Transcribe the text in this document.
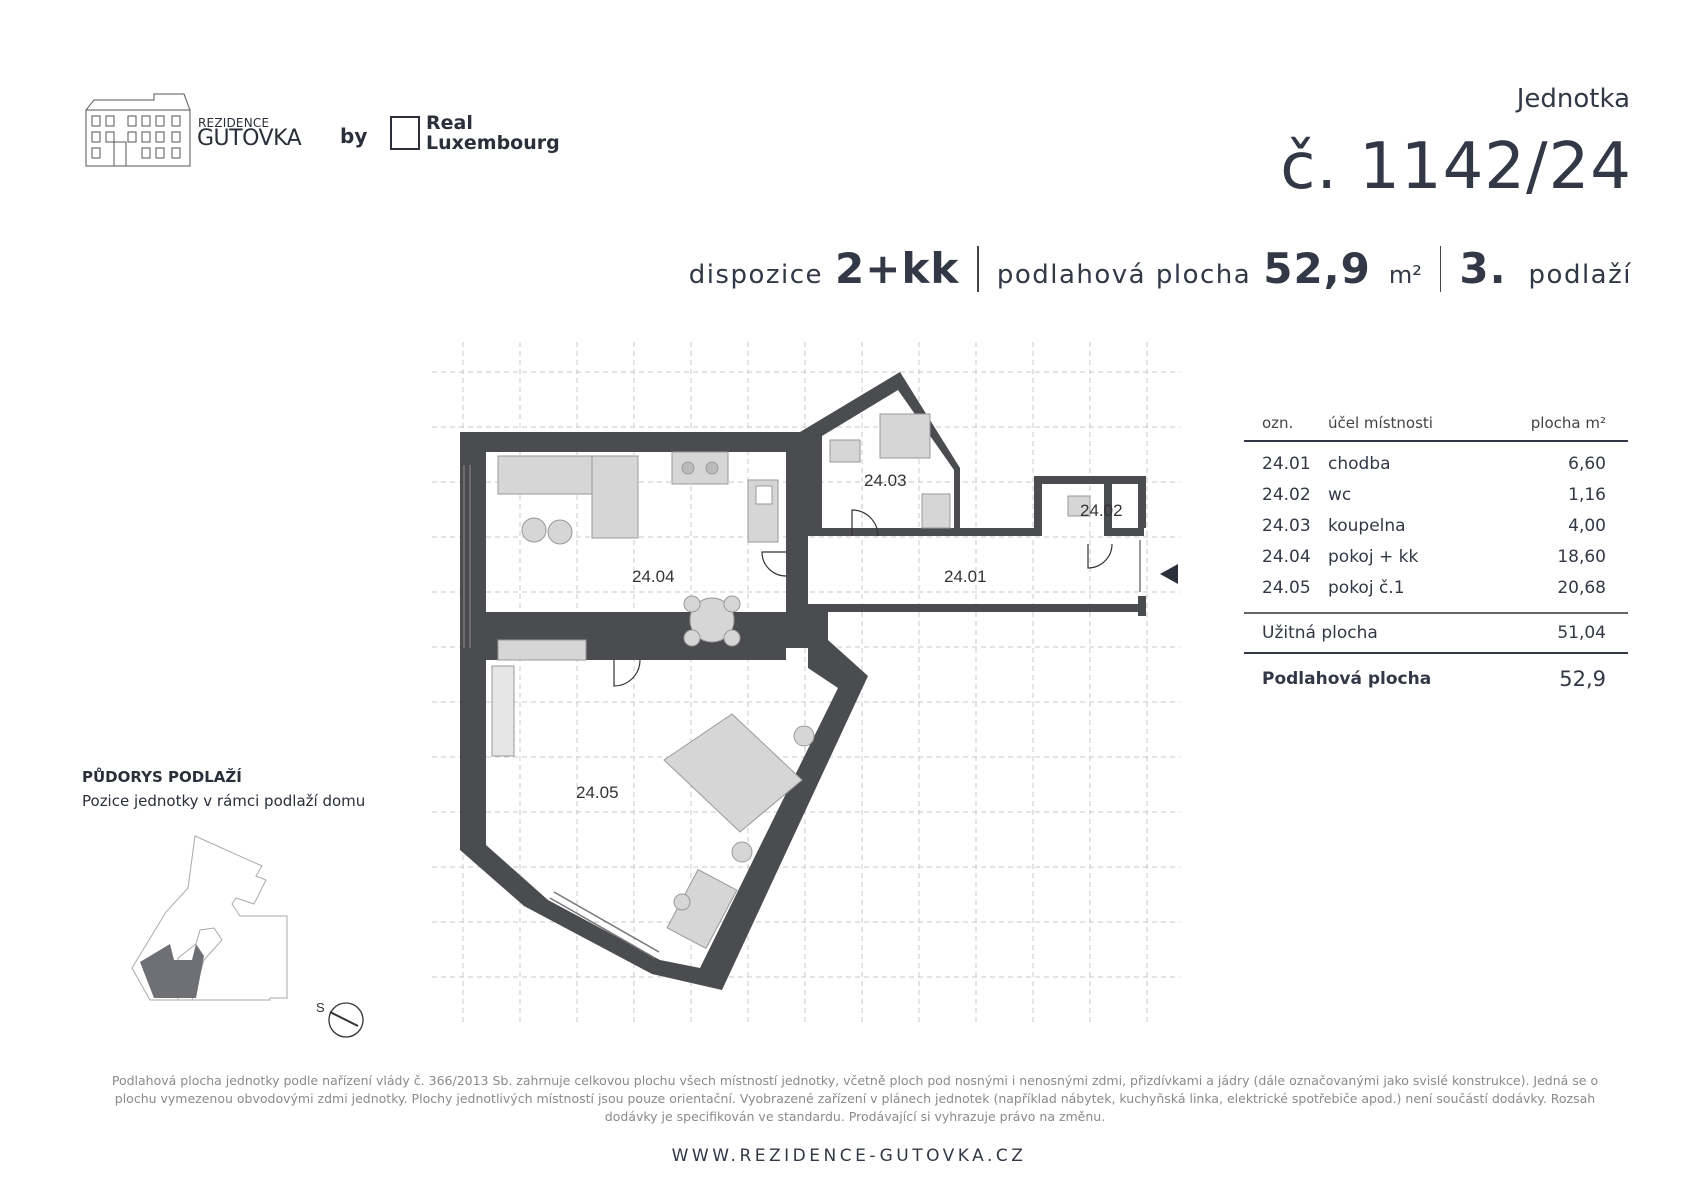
REZIDENCE
GUTOVKA by
Real
Luxembourg
Jednotka
č. 1142/24
dispozice 2+kk podlahová plocha 52,9 m² 3. podlaží
24.04	24.01
24.03
24.02
24.05
ozn.	účel místnosti	plocha m²
24.01	chodba	6,60
24.02	wc	1,16
24.03	koupelna	4,00
24.04	pokoj + kk	18,60
24.05	pokoj č.1	20,68
Užitná plocha	51,04
Podlahová plocha	52,9
PŮDORYS PODLAŽÍ
Pozice jednotky v rámci podlaží domu
S
Podlahová plocha jednotky podle nařízení vlády č. 366/2013 Sb. zahrnuje celkovou plochu všech místností jednotky, včetně ploch pod nosnými i nenosnými zdmi, přizdívkami a jádry (dále označovanými jako svislé konstrukce). Jedná se o plochu vymezenou obvodovými zdmi jednotky. Plochy jednotlivých místností jsou pouze orientační. Vyobrazené zařízení v plánech jednotek (například nábytek, kuchyňská linka, elektrické spotřebiče apod.) není součástí dodávky. Rozsah dodávky je specifikován ve standardu. Prodávající si vyhrazuje právo na změnu.
WWW.REZIDENCE-GUTOVKA.CZ
